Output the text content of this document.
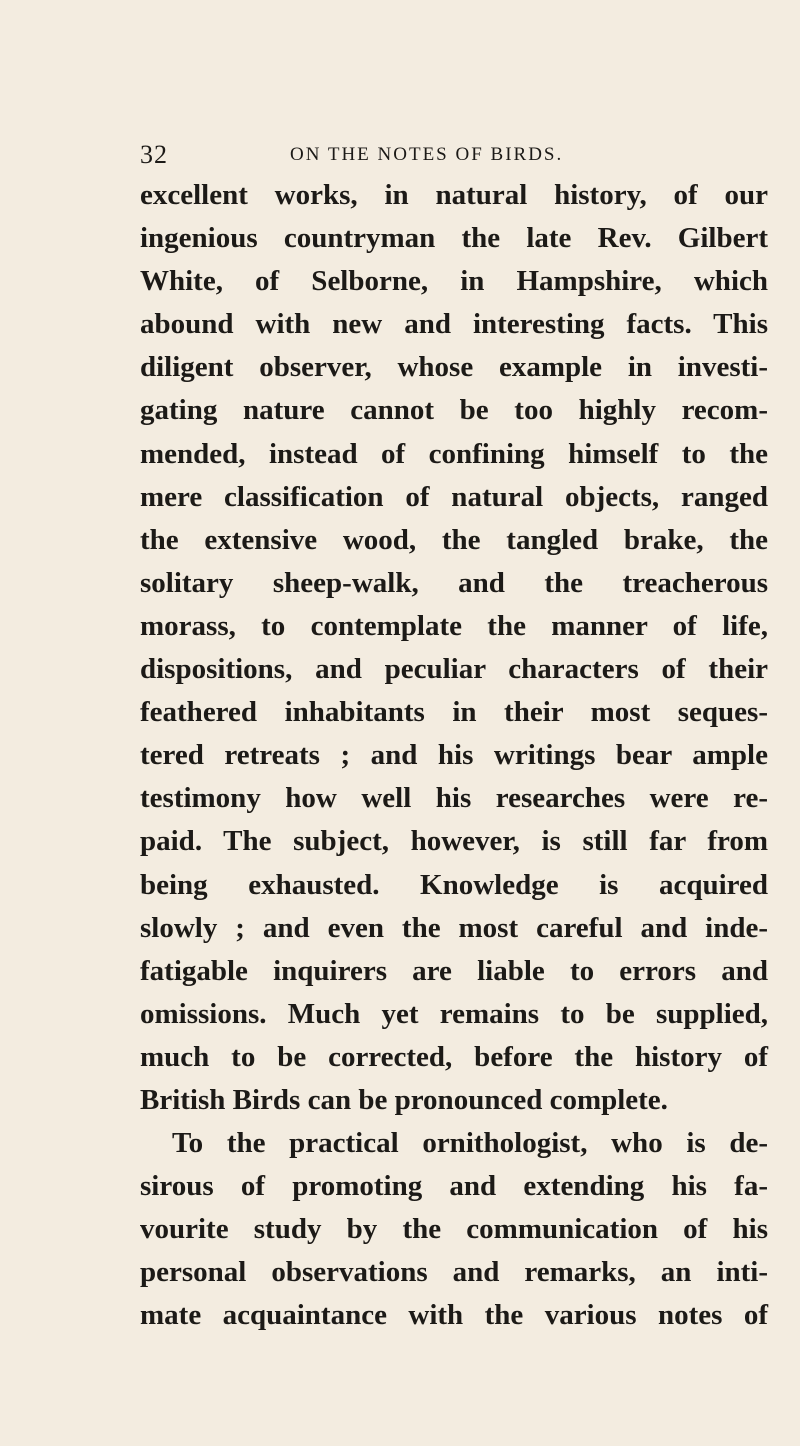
32	ON THE NOTES OF BIRDS.
excellent works, in natural history, of our
ingenious countryman the late Rev. Gilbert
White, of Selborne, in Hampshire, which
abound with new and interesting facts. This
diligent observer, whose example in investi-
gating nature cannot be too highly recom-
mended, instead of confining himself to the
mere classification of natural objects, ranged
the extensive wood, the tangled brake, the
solitary sheep-walk, and the treacherous
morass, to contemplate the manner of life,
dispositions, and peculiar characters of their
feathered inhabitants in their most seques-
tered retreats ; and his writings bear ample
testimony how well his researches were re-
paid. The subject, however, is still far from
being exhausted. Knowledge is acquired
slowly ; and even the most careful and inde-
fatigable inquirers are liable to errors and
omissions. Much yet remains to be supplied,
much to be corrected, before the history of
British Birds can be pronounced complete.
To the practical ornithologist, who is de-
sirous of promoting and extending his fa-
vourite study by the communication of his
personal observations and remarks, an inti-
mate acquaintance with the various notes of
